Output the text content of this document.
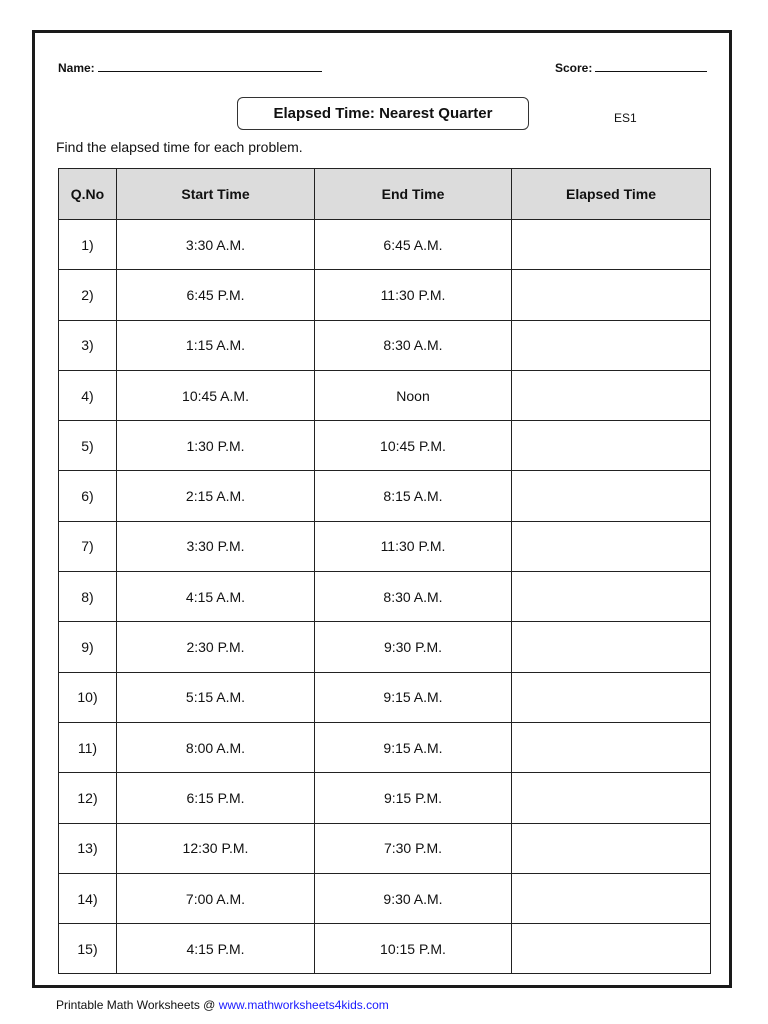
Name:	Score:
Elapsed Time: Nearest Quarter	ES1
Find the elapsed time for each problem.
Q.No	Start Time	End Time	Elapsed Time
1)	3:30 A.M.	6:45 A.M.	
2)	6:45 P.M.	11:30 P.M.	
3)	1:15 A.M.	8:30 A.M.	
4)	10:45 A.M.	Noon	
5)	1:30 P.M.	10:45 P.M.	
6)	2:15 A.M.	8:15 A.M.	
7)	3:30 P.M.	11:30 P.M.	
8)	4:15 A.M.	8:30 A.M.	
9)	2:30 P.M.	9:30 P.M.	
10)	5:15 A.M.	9:15 A.M.	
11)	8:00 A.M.	9:15 A.M.	
12)	6:15 P.M.	9:15 P.M.	
13)	12:30 P.M.	7:30 P.M.	
14)	7:00 A.M.	9:30 A.M.	
15)	4:15 P.M.	10:15 P.M.	
Printable Math Worksheets @ www.mathworksheets4kids.com
